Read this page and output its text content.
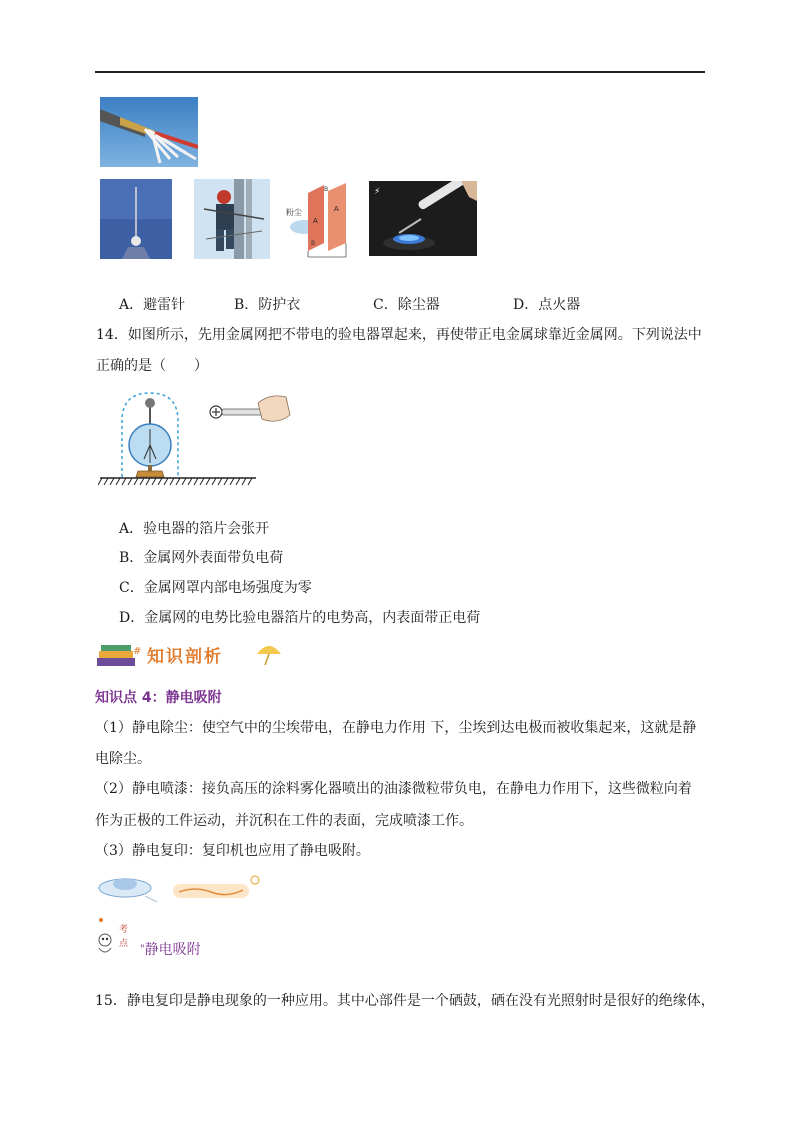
粉尘
B
A
A
B
⚡
A．避雷针	B．防护衣	C．除尘器	D．点火器
14．如图所示，先用金属网把不带电的验电器罩起来，再使带正电金属球靠近金属网。下列说法中
正确的是（　　）
A．验电器的箔片会张开
B．金属网外表面带负电荷
C．金属网罩内部电场强度为零
D．金属网的电势比验电器箔片的电势高，内表面带正电荷
# 知识剖析
知识点 4：静电吸附
（1）静电除尘：使空气中的尘埃带电，在静电力作用 下，尘埃到达电极而被收集起来，这就是静
电除尘。
（2）静电喷漆：接负高压的涂料雾化器喷出的油漆微粒带负电，在静电力作用下，这些微粒向着
作为正极的工件运动，并沉积在工件的表面，完成喷漆工作。
（3）静电复印：复印机也应用了静电吸附。
考
点 "静电吸附
15．静电复印是静电现象的一种应用。其中心部件是一个硒鼓，硒在没有光照射时是很好的绝缘体，
